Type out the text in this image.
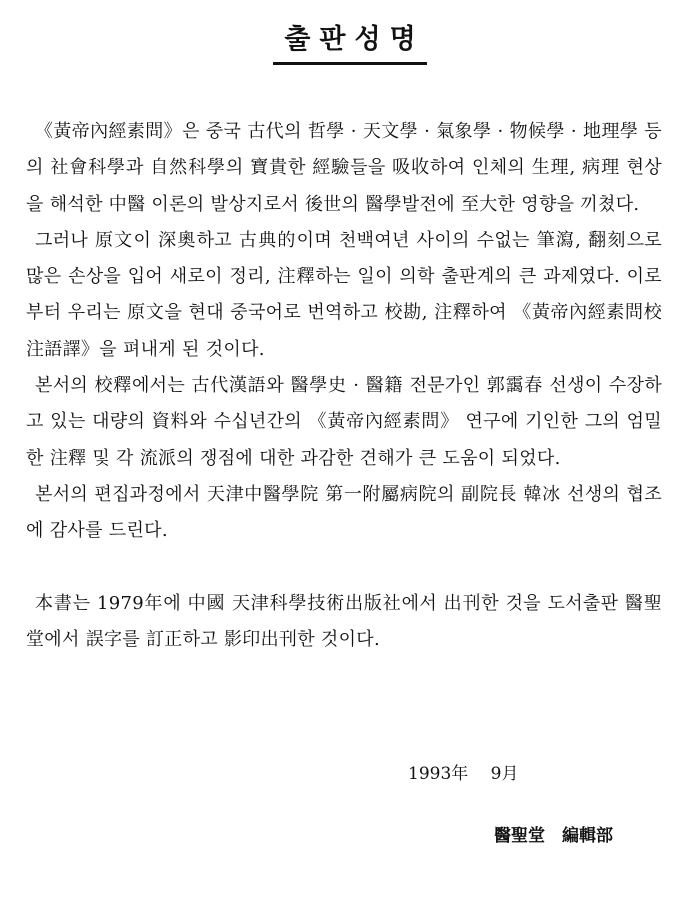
출판성명

《黃帝內經素問》은 중국 古代의 哲學 · 天文學 · 氣象學 · 物候學 · 地理學 등의 社會科學과 自然科學의 寶貴한 經驗들을 吸收하여 인체의 生理, 病理 현상을 해석한 中醫 이론의 발상지로서 後世의 醫學발전에 至大한 영향을 끼쳤다.

그러나 原文이 深奧하고 古典的이며 천백여년 사이의 수없는 筆瀉, 翻刻으로 많은 손상을 입어 새로이 정리, 注釋하는 일이 의학 출판계의 큰 과제였다. 이로부터 우리는 原文을 현대 중국어로 번역하고 校勘, 注釋하여 《黃帝內經素問校注語譯》을 펴내게 된 것이다.

본서의 校釋에서는 古代漢語와 醫學史 · 醫籍 전문가인 郭靄春 선생이 수장하고 있는 대량의 資料와 수십년간의 《黃帝內經素問》 연구에 기인한 그의 엄밀한 注釋 및 각 流派의 쟁점에 대한 과감한 견해가 큰 도움이 되었다.

본서의 편집과정에서 天津中醫學院 第一附屬病院의 副院長 韓冰 선생의 협조에 감사를 드린다.

本書는 1979年에 中國 天津科學技術出版社에서 出刊한 것을 도서출판 醫聖堂에서 誤字를 訂正하고 影印出刊한 것이다.

1993年　 9月
醫聖堂　編輯部
